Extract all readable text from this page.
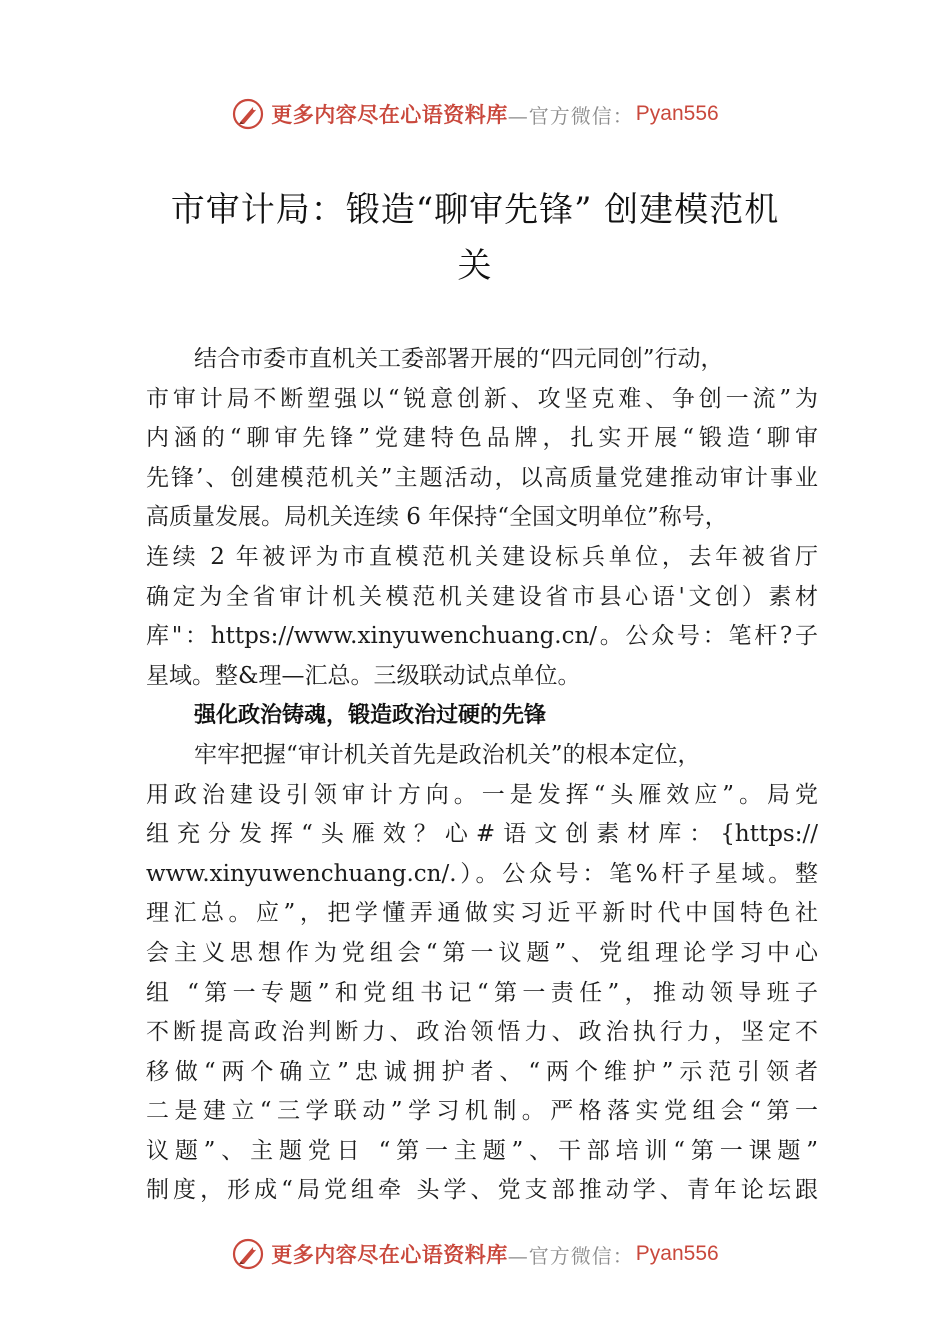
更多内容尽在心语资料库 —官方微信： Pyan556
市审计局：锻造“聊审先锋” 创建模范机
关
结合市委市直机关工委部署开展的“四元同创”行动，
市审计局不断塑强以“锐意创新、攻坚克难、争创一流”为
内涵的“聊审先锋”党建特色品牌，扎实开展“锻造‘聊审
先锋’、创建模范机关”主题活动，以高质量党建推动审计事业
高质量发展。局机关连续 6 年保持“全国文明单位”称号，
连续 2 年被评为市直模范机关建设标兵单位，去年被省厅
确定为全省审计机关模范机关建设省市县心语'文创）素材
库"：https://www.xinyuwenchuang.cn/。公众号：笔杆?子
星域。整&理—汇总。三级联动试点单位。
强化政治铸魂，锻造政治过硬的先锋
牢牢把握“审计机关首先是政治机关”的根本定位，
用政治建设引领审计方向。一是发挥“头雁效应”。局党
组充分发挥“头雁效？心#语文创素材库：{https://
www.xinyuwenchuang.cn/.）。公众号：笔%杆子星域。整
理汇总。应”，把学懂弄通做实习近平新时代中国特色社
会主义思想作为党组会“第一议题”、党组理论学习中心
组 “第一专题”和党组书记“第一责任”，推动领导班子
不断提高政治判断力、政治领悟力、政治执行力，坚定不
移做“两个确立”忠诚拥护者、“两个维护”示范引领者
二是建立“三学联动”学习机制。严格落实党组会“第一
议题”、主题党日 “第一主题”、干部培训“第一课题”
制度，形成“局党组牵 头学、党支部推动学、青年论坛跟
更多内容尽在心语资料库 —官方微信： Pyan556
